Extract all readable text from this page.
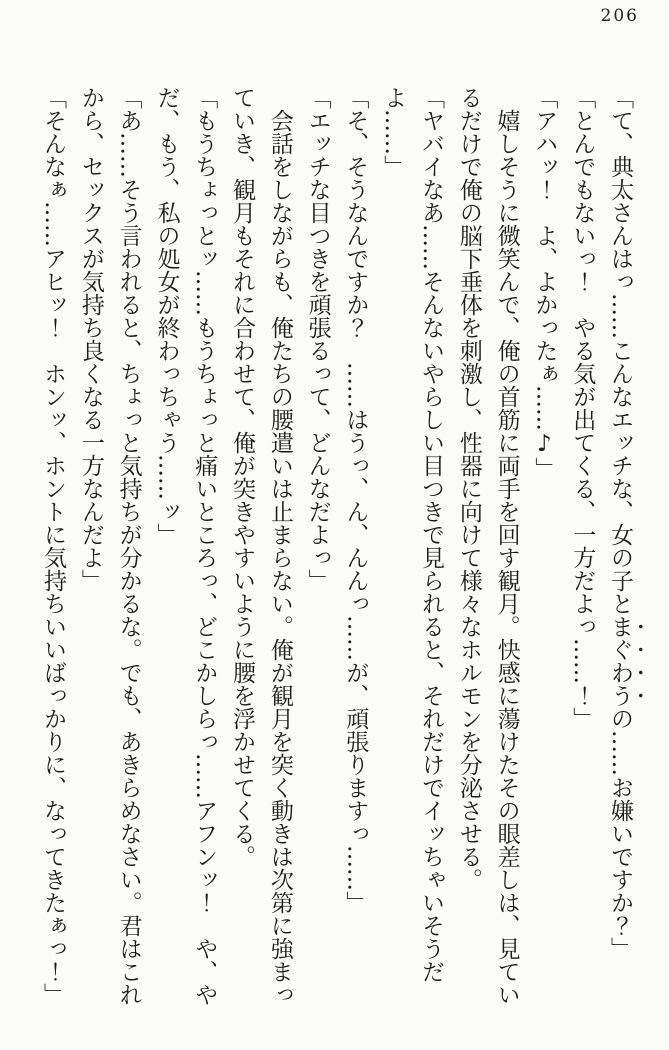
206

「て、典太さんはっ……こんなエッチな、女の子とまぐわうの……お嫌いですか？」

「とんでもないっ！　やる気が出てくる、一方だよっ……！」

「アハッ！　よ、よかったぁ……♪」

　嬉しそうに微笑んで、俺の首筋に両手を回す観月。快感に蕩けたその眼差しは、見ているだけで俺の脳下垂体を刺激し、性器に向けて様々なホルモンを分泌させる。

「ヤバイなあ……そんないやらしい目つきで見られると、それだけでイッちゃいそうだよ……」

「そ、そうなんですか？　……はうっ、ん、んんっ……が、頑張りますっ……」

「エッチな目つきを頑張るって、どんなだよっ」

　会話をしながらも、俺たちの腰遣いは止まらない。俺が観月を突く動きは次第に強まっていき、観月もそれに合わせて、俺が突きやすいように腰を浮かせてくる。

「もうちょっとッ……もうちょっと痛いところっ、どこかしらっ……アフンッ！　や、やだ、もう、私の処女が終わっちゃう……ッ」

「あ……そう言われると、ちょっと気持ちが分かるな。でも、あきらめなさい。君はこれから、セックスが気持ち良くなる一方なんだよ」

「そんなぁ……アヒッ！　ホンッ、ホントに気持ちいいばっかりに、なってきたぁっ！」
